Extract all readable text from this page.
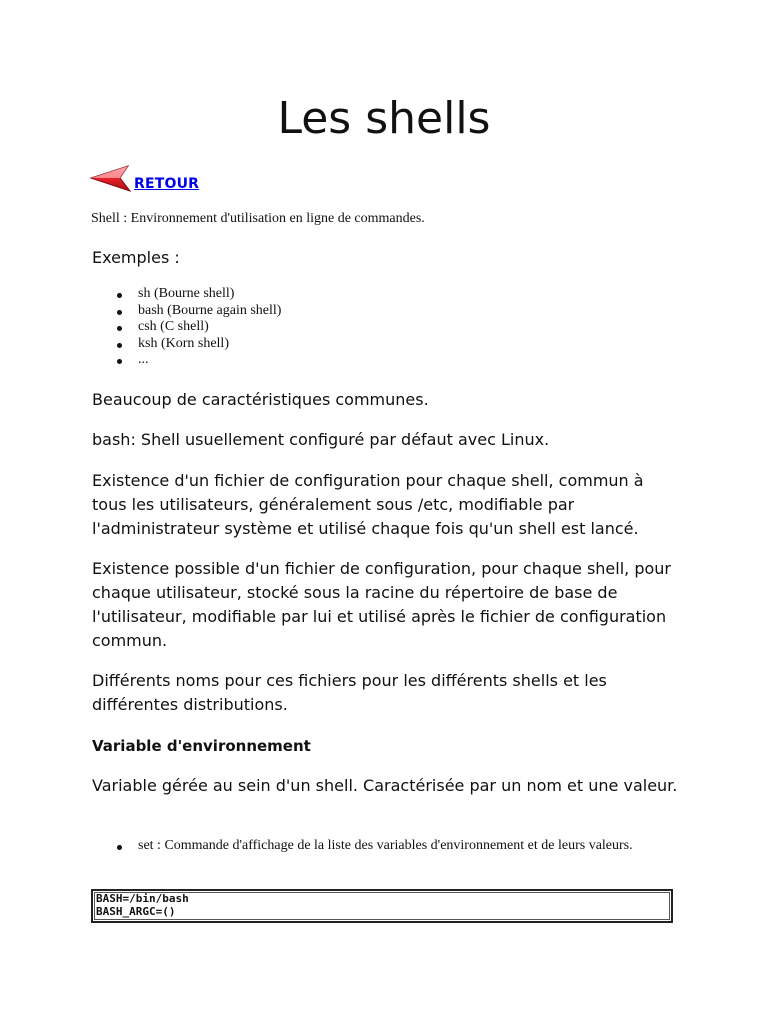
Les shells
RETOUR

Shell : Environnement d'utilisation en ligne de commandes.

Exemples :

sh (Bourne shell)
bash (Bourne again shell)
csh (C shell)
ksh (Korn shell)
...

Beaucoup de caractéristiques communes.

bash: Shell usuellement configuré par défaut avec Linux.

Existence d'un fichier de configuration pour chaque shell, commun à tous les utilisateurs, généralement sous /etc, modifiable par l'administrateur système et utilisé chaque fois qu'un shell est lancé.

Existence possible d'un fichier de configuration, pour chaque shell, pour chaque utilisateur, stocké sous la racine du répertoire de base de l'utilisateur, modifiable par lui et utilisé après le fichier de configuration commun.

Différents noms pour ces fichiers pour les différents shells et les différentes distributions.

Variable d'environnement

Variable gérée au sein d'un shell. Caractérisée par un nom et une valeur.

set : Commande d'affichage de la liste des variables d'environnement et de leurs valeurs.
BASH=/bin/bash
BASH_ARGC=()
